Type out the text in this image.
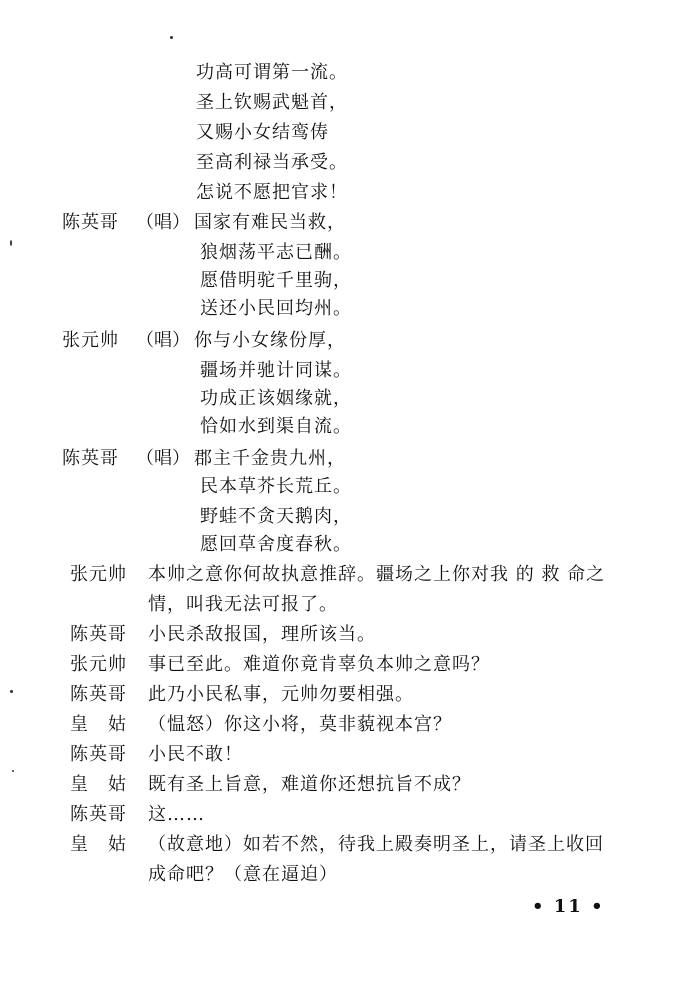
功高可谓第一流。
圣上钦赐武魁首，
又赐小女结鸾俦
至高利禄当承受。
怎说不愿把官求！
陈英哥 （唱） 国家有难民当救，
狼烟荡平志已酬。
愿借明驼千里驹，
送还小民回均州。
张元帅 （唱） 你与小女缘份厚，
疆场并驰计同谋。
功成正该姻缘就，
恰如水到渠自流。
陈英哥 （唱） 郡主千金贵九州，
民本草芥长荒丘。
野蛙不贪天鹅肉，
愿回草舍度春秋。
张元帅 本帅之意你何故执意推辞。疆场之上你对我 的 救 命之
情，叫我无法可报了。
陈英哥 小民杀敌报国，理所该当。
张元帅 事已至此。难道你竟肯辜负本帅之意吗？
陈英哥 此乃小民私事，元帅勿要相强。
皇　姑 （愠怒）你这小将，莫非藐视本宫？
陈英哥 小民不敢！
皇　姑 既有圣上旨意，难道你还想抗旨不成？
陈英哥 这……
皇　姑 （故意地）如若不然，待我上殿奏明圣上，请圣上收回
成命吧？（意在逼迫）
• 11 •
